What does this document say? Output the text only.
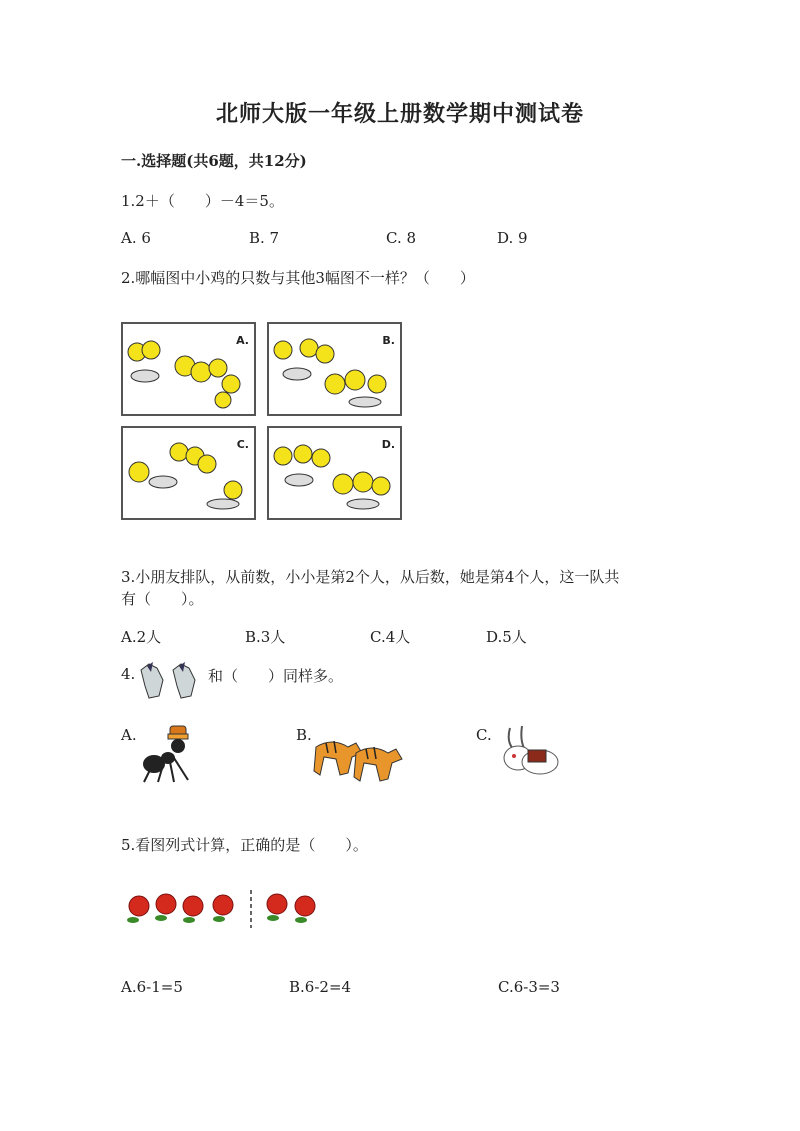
北师大版一年级上册数学期中测试卷
一.选择题(共6题，共12分)
1.2＋（　　）－4＝5。
A. 6	B. 7	C. 8	D. 9
2.哪幅图中小鸡的只数与其他3幅图不一样？（　　）
A.	B.
C.	D.
3.小朋友排队，从前数，小小是第2个人，从后数，她是第4个人，这一队共
有（　　）。
A.2人	B.3人	C.4人	D.5人
4.	和（　　）同样多。
A.	B.	C.
5.看图列式计算，正确的是（　　）。
A.6-1=5	B.6-2=4	C.6-3=3
